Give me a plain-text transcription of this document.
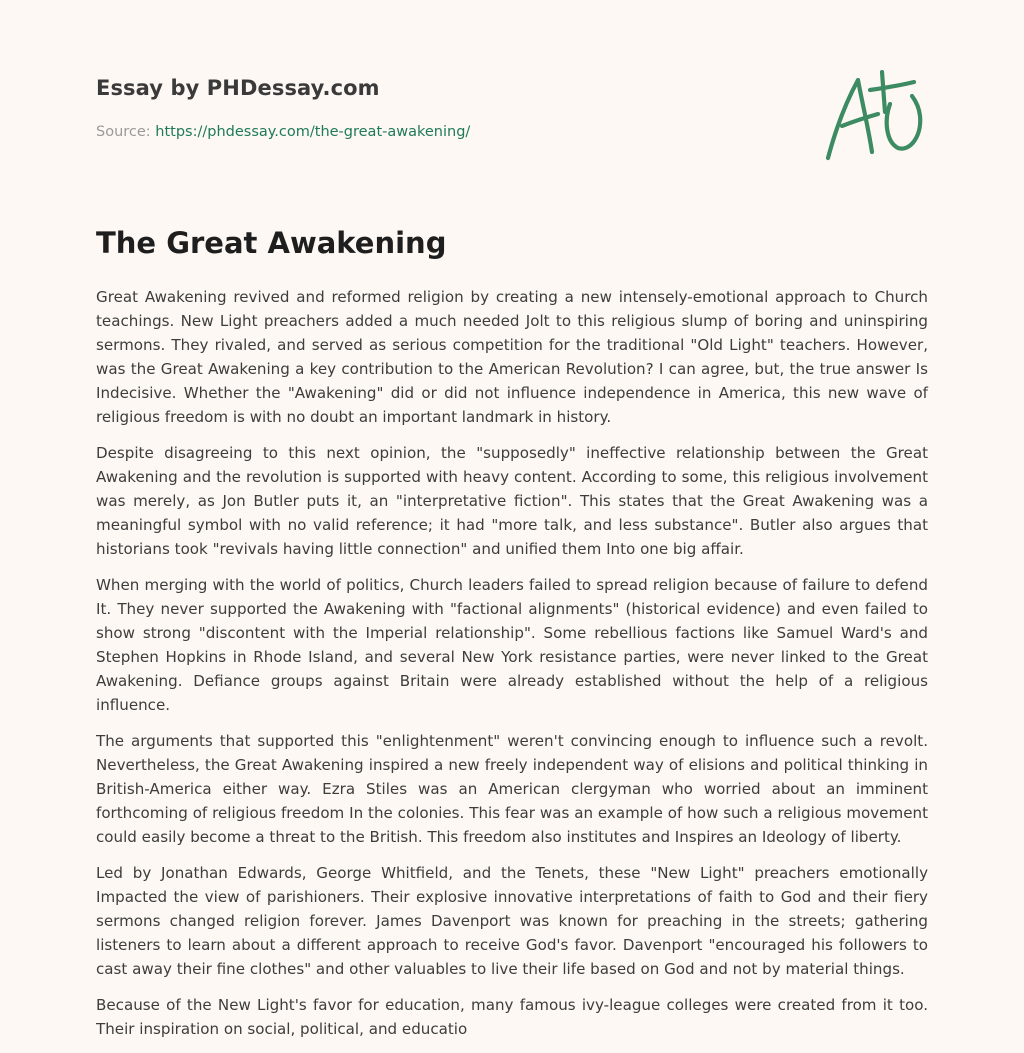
Essay by PHDessay.com
Source: https://phdessay.com/the-great-awakening/
The Great Awakening

Great Awakening revived and reformed religion by creating a new intensely-emotional approach to Church teachings. New Light preachers added a much needed Jolt to this religious slump of boring and uninspiring sermons. They rivaled, and served as serious competition for the traditional "Old Light" teachers. However, was the Great Awakening a key contribution to the American Revolution? I can agree, but, the true answer Is Indecisive. Whether the "Awakening" did or did not influence independence in America, this new wave of religious freedom is with no doubt an important landmark in history.

Despite disagreeing to this next opinion, the "supposedly" ineffective relationship between the Great Awakening and the revolution is supported with heavy content. According to some, this religious involvement was merely, as Jon Butler puts it, an "interpretative fiction". This states that the Great Awakening was a meaningful symbol with no valid reference; it had "more talk, and less substance". Butler also argues that historians took "revivals having little connection" and unified them Into one big affair.

When merging with the world of politics, Church leaders failed to spread religion because of failure to defend It. They never supported the Awakening with "factional alignments" (historical evidence) and even failed to show strong "discontent with the Imperial relationship". Some rebellious factions like Samuel Ward's and Stephen Hopkins in Rhode Island, and several New York resistance parties, were never linked to the Great Awakening. Defiance groups against Britain were already established without the help of a religious influence.

The arguments that supported this "enlightenment" weren't convincing enough to influence such a revolt. Nevertheless, the Great Awakening inspired a new freely independent way of elisions and political thinking in British-America either way. Ezra Stiles was an American clergyman who worried about an imminent forthcoming of religious freedom In the colonies. This fear was an example of how such a religious movement could easily become a threat to the British. This freedom also institutes and Inspires an Ideology of liberty.

Led by Jonathan Edwards, George Whitfield, and the Tenets, these "New Light" preachers emotionally Impacted the view of parishioners. Their explosive innovative interpretations of faith to God and their fiery sermons changed religion forever. James Davenport was known for preaching in the streets; gathering listeners to learn about a different approach to receive God's favor. Davenport "encouraged his followers to cast away their fine clothes" and other valuables to live their life based on God and not by material things.

Because of the New Light's favor for education, many famous ivy-league colleges were created from it too. Their inspiration on social, political, and educatio
